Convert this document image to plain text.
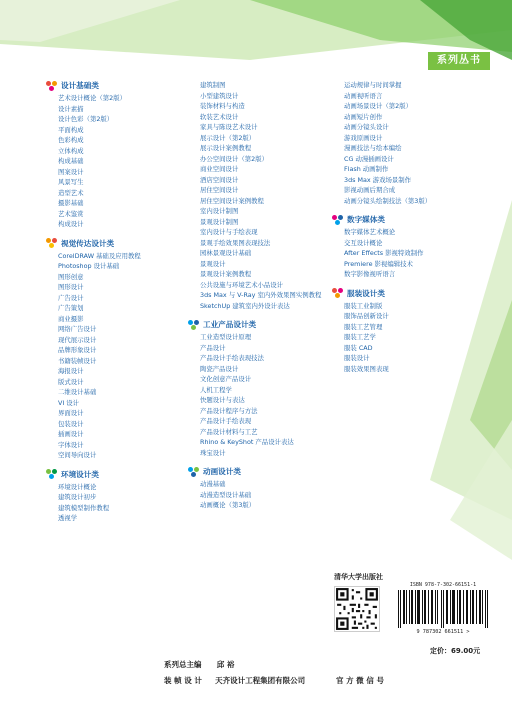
系列丛书
设计基础类
艺术设计概论（第2版）
设计素描
设计色彩（第2版）
平面构成
色彩构成
立体构成
构成基础
图案设计
风景写生
造型艺术
摄影基础
艺术鉴赏
构成设计
视觉传达设计类
CorelDRAW 基础及应用教程
Photoshop 设计基础
图形创意
图形设计
广告设计
广告策划
商业摄影
网络广告设计
现代展示设计
品牌形象设计
书籍装帧设计
海报设计
版式设计
二维设计基础
VI 设计
界面设计
包装设计
插画设计
字体设计
空间导向设计
环境设计类
环境设计概论
建筑设计初步
建筑模型制作教程
透视学
建筑制图
小型建筑设计
装饰材料与构造
软装艺术设计
家具与陈设艺术设计
展示设计（第2版）
展示设计案例教程
办公空间设计（第2版）
商业空间设计
酒店空间设计
居住空间设计
居住空间设计案例教程
室内设计制图
景观设计制图
室内设计与手绘表现
景观手绘效果图表现技法
园林景观设计基础
景观设计
景观设计案例教程
公共设施与环境艺术小品设计
3ds Max 与 V-Ray 室内外效果图实例教程
SketchUp 建筑室内外设计表达
工业产品设计类
工业造型设计原理
产品设计
产品设计手绘表现技法
陶瓷产品设计
文化创意产品设计
人机工程学
快题设计与表达
产品设计程序与方法
产品设计手绘表现
产品设计材料与工艺
Rhino & KeyShot 产品设计表达
珠宝设计
动画设计类
动漫基础
动漫造型设计基础
动画概论（第3版）
运动规律与时间掌握
动画视听语言
动画场景设计（第2版）
动画短片创作
动画分镜头设计
游戏原画设计
漫画技法与绘本编绘
CG 动漫插画设计
Flash 动画制作
3ds Max 游戏场景制作
影视动画后期合成
动画分镜头绘制技法（第3版）
数字媒体类
数字媒体艺术概论
交互设计概论
After Effects 影视特效制作
Premiere 影视编辑技术
数字影像视听语言
服装设计类
服装工业制版
服饰品创新设计
服装工艺管理
服装工艺学
服装 CAD
服装设计
服装效果图表现
清华大学出版社
ISBN 978-7-302-66151-1
9 787302 661511 >
定价：69.00元
系列总主编 邱 裕
装 帧 设 计 天齐设计工程集团有限公司	官 方 微 信 号
